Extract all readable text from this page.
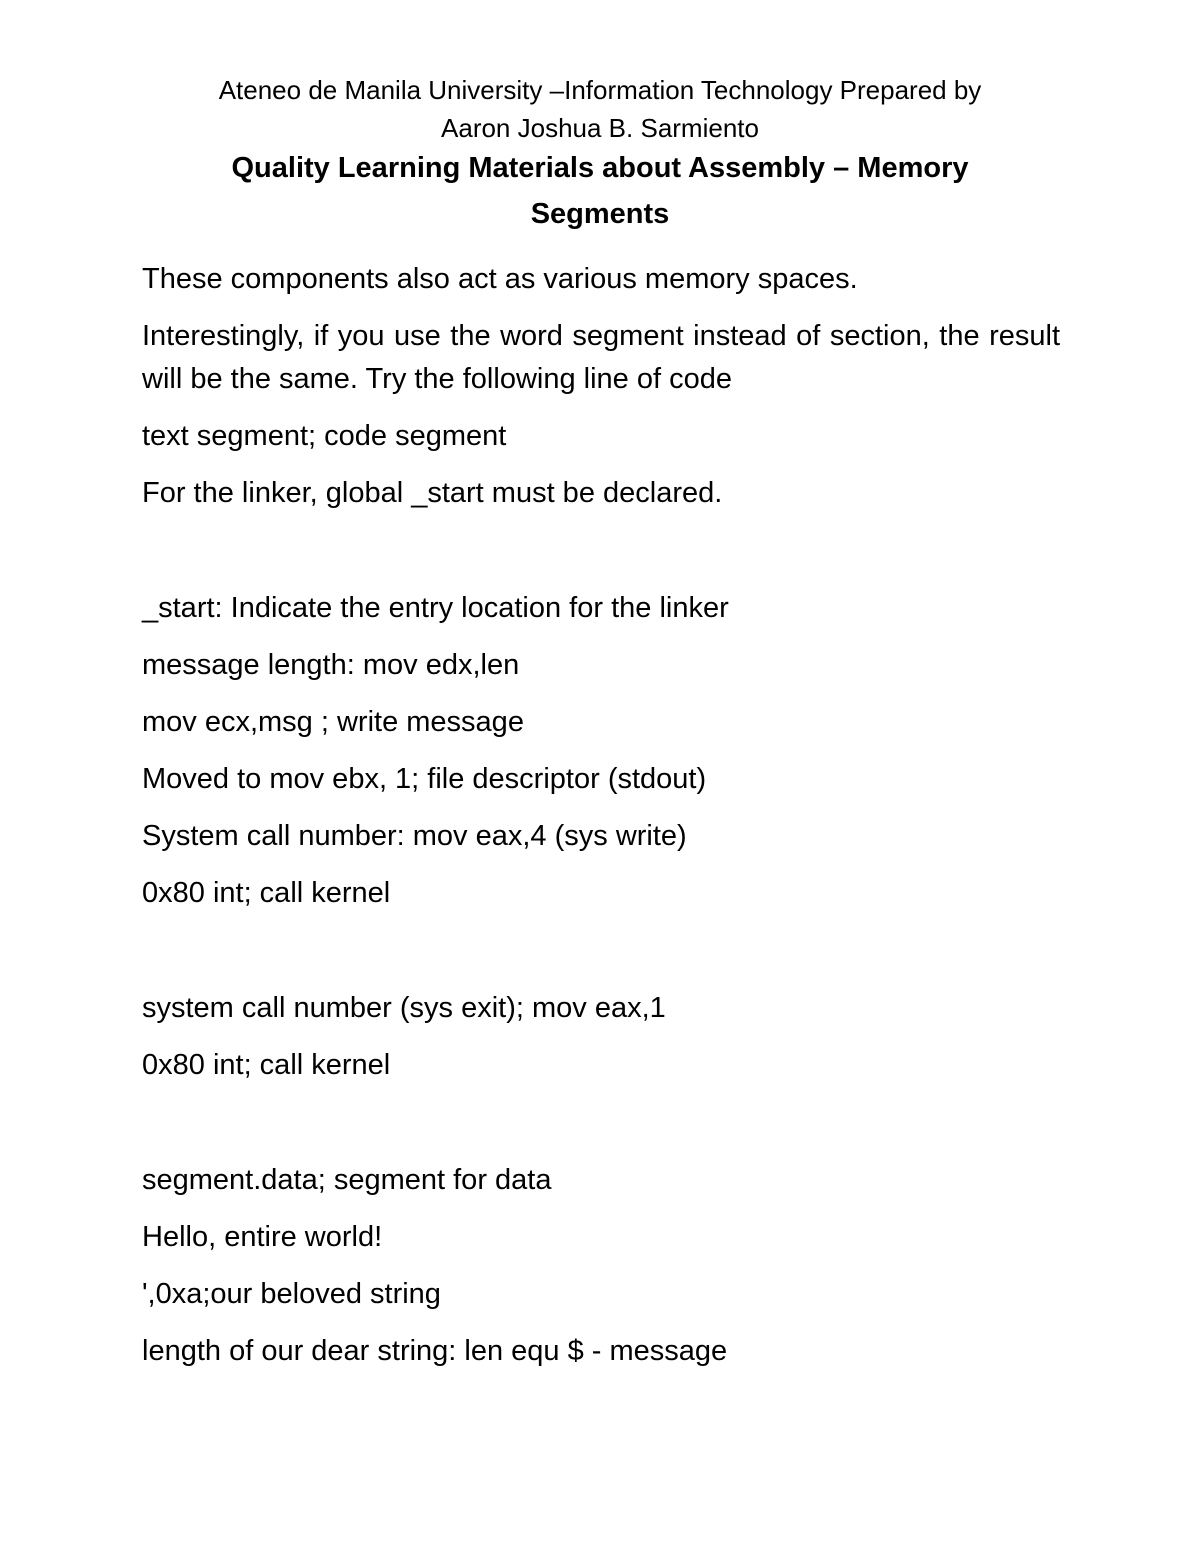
Ateneo de Manila University –Information Technology Prepared by
Aaron Joshua B. Sarmiento
Quality Learning Materials about Assembly – Memory
Segments
These components also act as various memory spaces.
Interestingly, if you use the word segment instead of section, the result will be the same. Try the following line of code
text segment; code segment
For the linker, global _start must be declared.
_start: Indicate the entry location for the linker
message length: mov edx,len
mov ecx,msg ; write message
Moved to mov ebx, 1; file descriptor (stdout)
System call number: mov eax,4 (sys write)
0x80 int; call kernel
system call number (sys exit); mov eax,1
0x80 int; call kernel
segment.data; segment for data
Hello, entire world!
',0xa;our beloved string
length of our dear string: len equ $ - message
